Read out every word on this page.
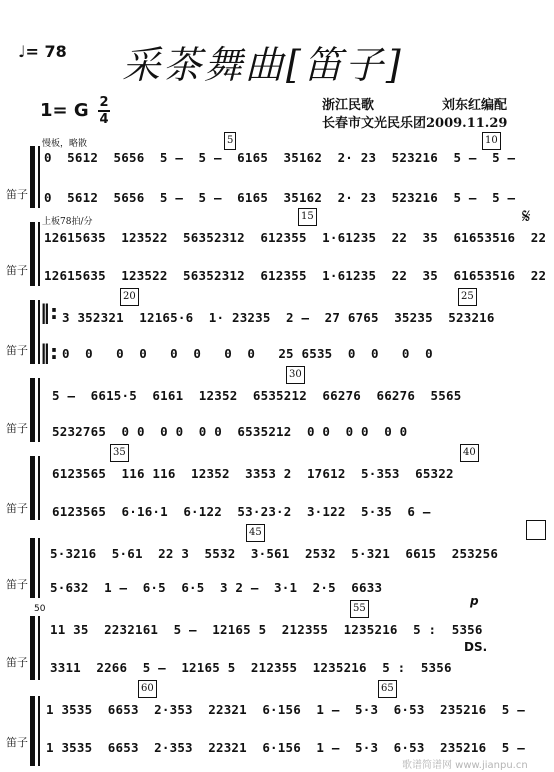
♩= 78 采茶舞曲[笛子]
1= G 2
4
浙江民歌	刘东红编配
长春市文光民乐团2009.11.29
慢板，略散
上板78拍/分
笛子
0  5612  5656  5 –  5 –  6165  35162  2· 23  523216  5 –  5 –
0  5612  5656  5 –  5 –  6165  35162  2· 23  523216  5 –  5 –
5	10
笛子
12615635  123522  56352312  612355  1·61235  22  35  61653516  22
12615635  123522  56352312  612355  1·61235  22  35  61653516  22
15	𝄋
‖:
‖:
笛子
3 352321  12165·6  1· 23235  2 –  27 6765  35235  523216
0  0   0  0   0  0   0  0   25 6535  0  0   0  0
20	25
笛子
5 –  6615·5  6161  12352  6535212  66276  66276  5565
5232765  0 0  0 0  0 0  6535212  0 0  0 0  0 0
30
笛子
6123565  116 116  12352  3353 2  17612  5·353  65322
6123565  6·16·1  6·122  53·23·2  3·122  5·35  6 –
35	40
笛子
5·3216  5·61  22 3  5532  3·561  2532  5·321  6615  253256
5·632  1 –  6·5  6·5  3 2 –  3·1  2·5  6633
45
p
50
笛子
11 35  2232161  5 –  12165 5  212355  1235216  5 :  5356
3311  2266  5 –  12165 5  212355  1235216  5 :  5356
55
DS.
笛子
1 3535  6653  2·353  22321  6·156  1 –  5·3  6·53  235216  5 –
1 3535  6653  2·353  22321  6·156  1 –  5·3  6·53  235216  5 –
60	65
歌谱简谱网 www.jianpu.cn
